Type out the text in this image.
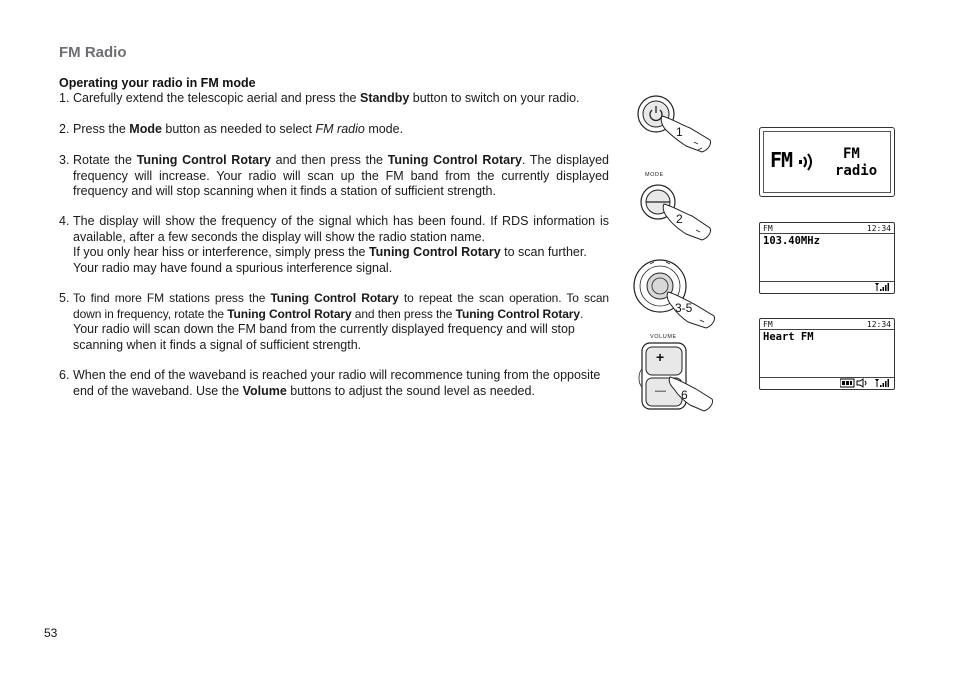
FM Radio
Operating your radio in FM mode
1. Carefully extend the telescopic aerial and press the Standby button to switch on your radio.

2. Press the Mode button as needed to select FM radio mode.

3. Rotate the Tuning Control Rotary and then press the Tuning Control Rotary. The displayed frequency will increase. Your radio will scan up the FM band from the currently displayed frequency and will stop scanning when it finds a station of sufficient strength.

4. The display will show the frequency of the signal which has been found. If RDS information is available, after a few seconds the display will show the radio station name.

If you only hear hiss or interference, simply press the Tuning Control Rotary to scan further. Your radio may have found a spurious interference signal.

5. To find more FM stations press the Tuning Control Rotary to repeat the scan operation. To scan down in frequency, rotate the Tuning Control Rotary and then press the Tuning Control Rotary.

Your radio will scan down the FM band from the currently displayed frequency and will stop scanning when it finds a signal of sufficient strength.

6. When the end of the waveband is reached your radio will recommence tuning from the opposite end of the waveband. Use the Volume buttons to adjust the sound level as needed.

1
MODE
2
3-5
VOLUME
+
— 6
FM	FM
radio
FM	12:34
103.40MHz
FM	12:34
Heart FM
53
